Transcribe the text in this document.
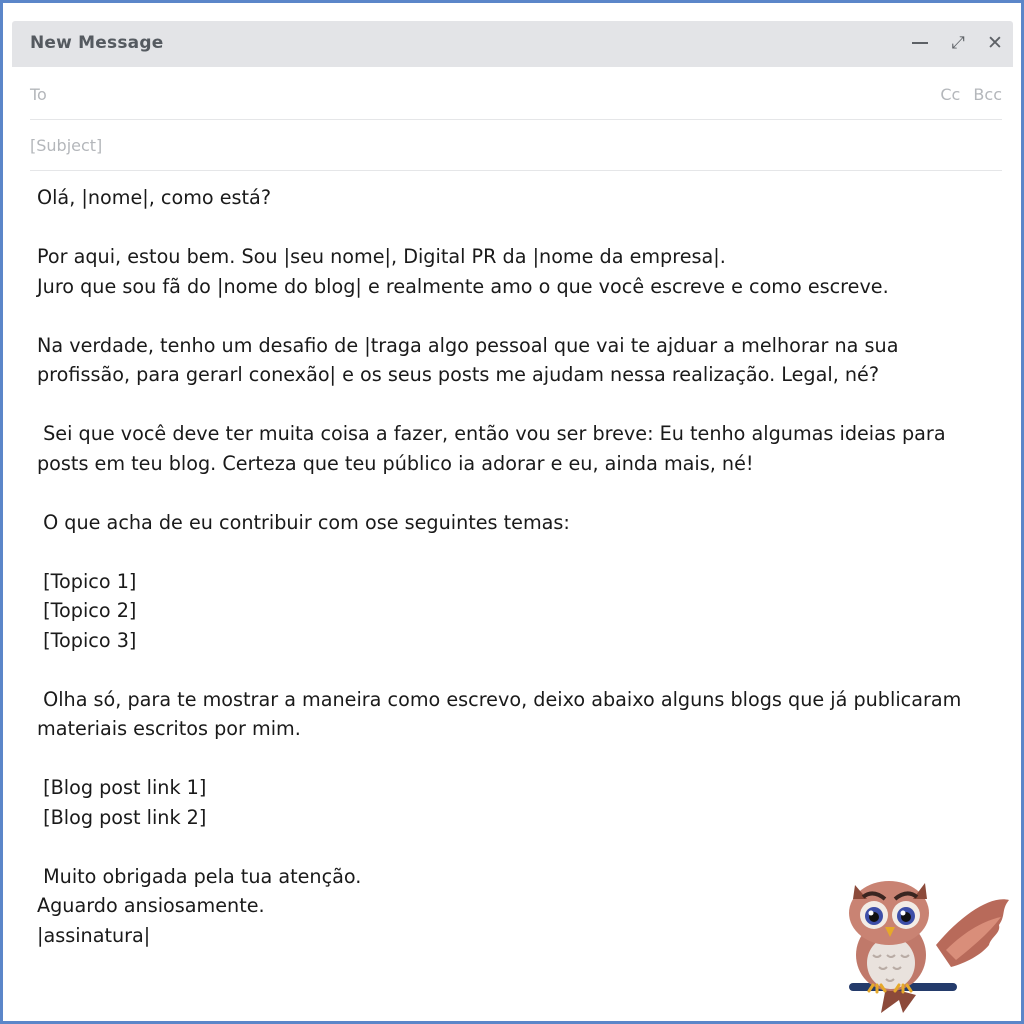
New Message	⤢	✕
To	Cc Bcc
[Subject]

Olá, |nome|, como está?

Por aqui, estou bem. Sou |seu nome|, Digital PR da |nome da empresa|.

Juro que sou fã do |nome do blog| e realmente amo o que você escreve e como escreve.

Na verdade, tenho um desafio de |traga algo pessoal que vai te ajduar a melhorar na sua

profissão, para gerarl conexão| e os seus posts me ajudam nessa realização. Legal, né?

Sei que você deve ter muita coisa a fazer, então vou ser breve: Eu tenho algumas ideias para

posts em teu blog. Certeza que teu público ia adorar e eu, ainda mais, né!

O que acha de eu contribuir com ose seguintes temas:

[Topico 1]

[Topico 2]

[Topico 3]

Olha só, para te mostrar a maneira como escrevo, deixo abaixo alguns blogs que já publicaram

materiais escritos por mim.

[Blog post link 1]

[Blog post link 2]

Muito obrigada pela tua atenção.

Aguardo ansiosamente.

|assinatura|
